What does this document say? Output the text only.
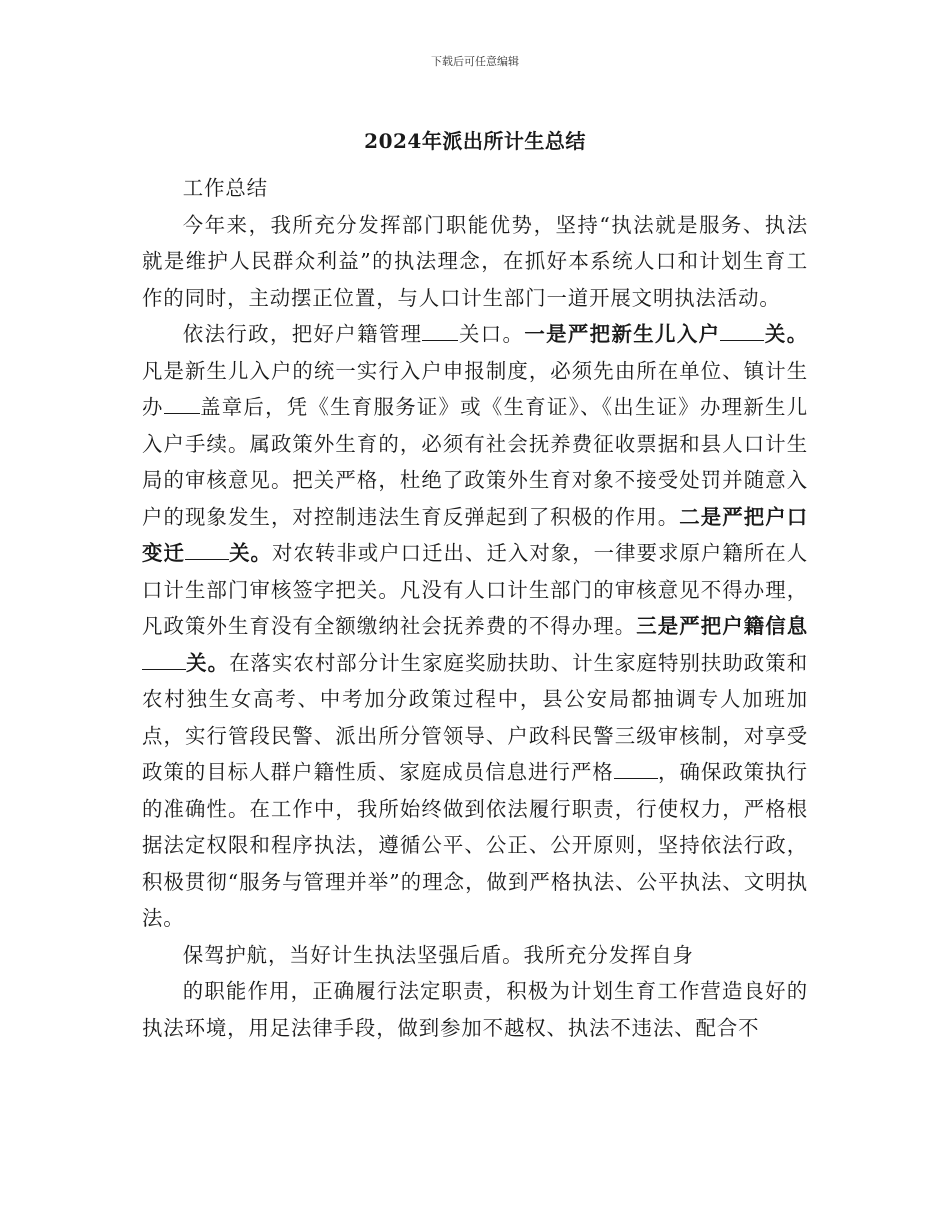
下载后可任意编辑
2024年派出所计生总结

工作总结

今年来，我所充分发挥部门职能优势，坚持“执法就是服务、执法就是维护人民群众利益”的执法理念，在抓好本系统人口和计划生育工作的同时，主动摆正位置，与人口计生部门一道开展文明执法活动。

依法行政，把好户籍管理 关口。一是严把新生儿入户 关。凡是新生儿入户的统一实行入户申报制度，必须先由所在单位、镇计生办 盖章后，凭《生育服务证》或《生育证》、《出生证》办理新生儿入户手续。属政策外生育的，必须有社会抚养费征收票据和县人口计生局的审核意见。把关严格，杜绝了政策外生育对象不接受处罚并随意入户的现象发生，对控制违法生育反弹起到了积极的作用。二是严把户口变迁 关。对农转非或户口迁出、迁入对象，一律要求原户籍所在人口计生部门审核签字把关。凡没有人口计生部门的审核意见不得办理，凡政策外生育没有全额缴纳社会抚养费的不得办理。三是严把户籍信息关。在落实农村部分计生家庭奖励扶助、计生家庭特别扶助政策和农村独生女高考、中考加分政策过程中，县公安局都抽调专人加班加点，实行管段民警、派出所分管领导、户政科民警三级审核制，对享受政策的目标人群户籍性质、家庭成员信息进行严格 ，确保政策执行的准确性。在工作中，我所始终做到依法履行职责，行使权力，严格根据法定权限和程序执法，遵循公平、公正、公开原则，坚持依法行政，积极贯彻“服务与管理并举”的理念，做到严格执法、公平执法、文明执法。

保驾护航，当好计生执法坚强后盾。我所充分发挥自身

的职能作用，正确履行法定职责，积极为计划生育工作营造良好的执法环境，用足法律手段，做到参加不越权、执法不违法、配合不
